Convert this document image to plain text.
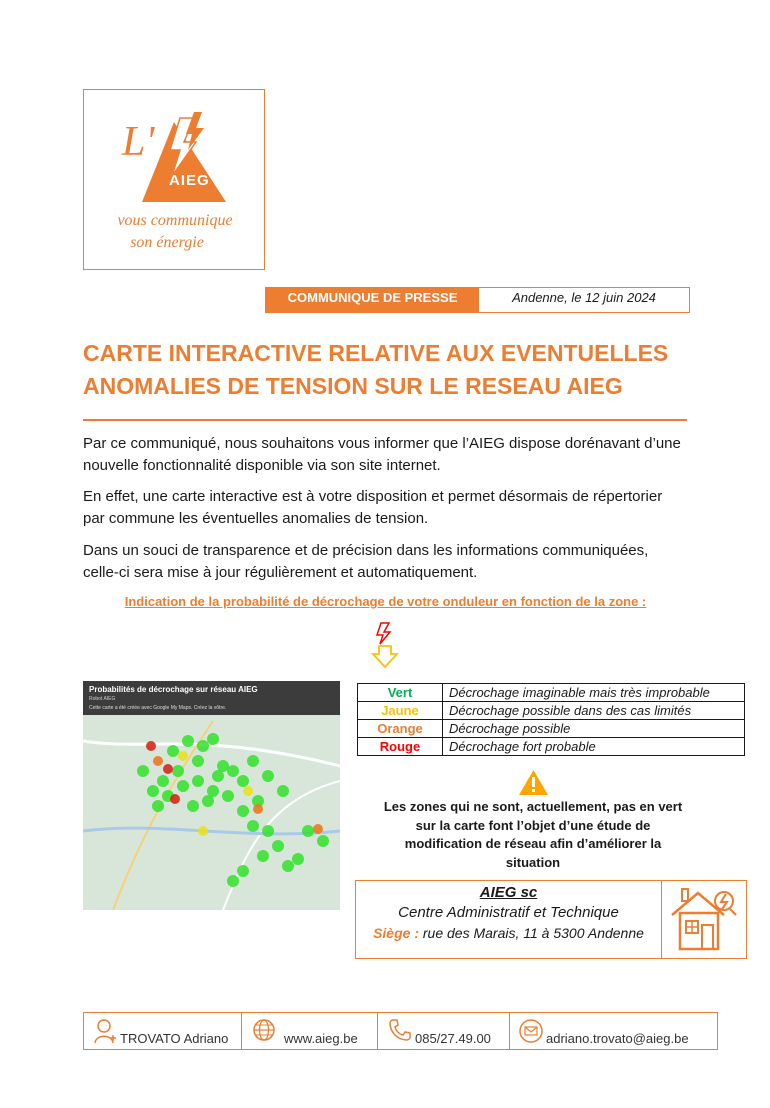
L'
AIEG
vous communique
son énergie
COMMUNIQUE DE PRESSE	Andenne, le 12 juin 2024
CARTE INTERACTIVE RELATIVE AUX EVENTUELLES ANOMALIES DE TENSION SUR LE RESEAU AIEG
Par ce communiqué, nous souhaitons vous informer que l’AIEG dispose dorénavant d’une nouvelle fonctionnalité disponible via son site internet.
En effet, une carte interactive est à votre disposition et permet désormais de répertorier par commune les éventuelles anomalies de tension.
Dans un souci de transparence et de précision dans les informations communiquées, celle-ci sera mise à jour régulièrement et automatiquement.
Indication de la probabilité de décrochage de votre onduleur en fonction de la zone :
Probabilités de décrochage sur réseau AIEG
Robot AIEG
Cette carte a été créée avec Google My Maps. Créez la vôtre.
Vert	Décrochage imaginable mais très improbable
Jaune	Décrochage possible dans des cas limités
Orange	Décrochage possible
Rouge	Décrochage fort probable
Les zones qui ne sont, actuellement, pas en vert sur la carte font l’objet d’une étude de modification de réseau afin d’améliorer la situation
AIEG sc
Centre Administratif et Technique
Siège : rue des Marais, 11 à 5300 Andenne
TROVATO Adriano	www.aieg.be	085/27.49.00	adriano.trovato@aieg.be
